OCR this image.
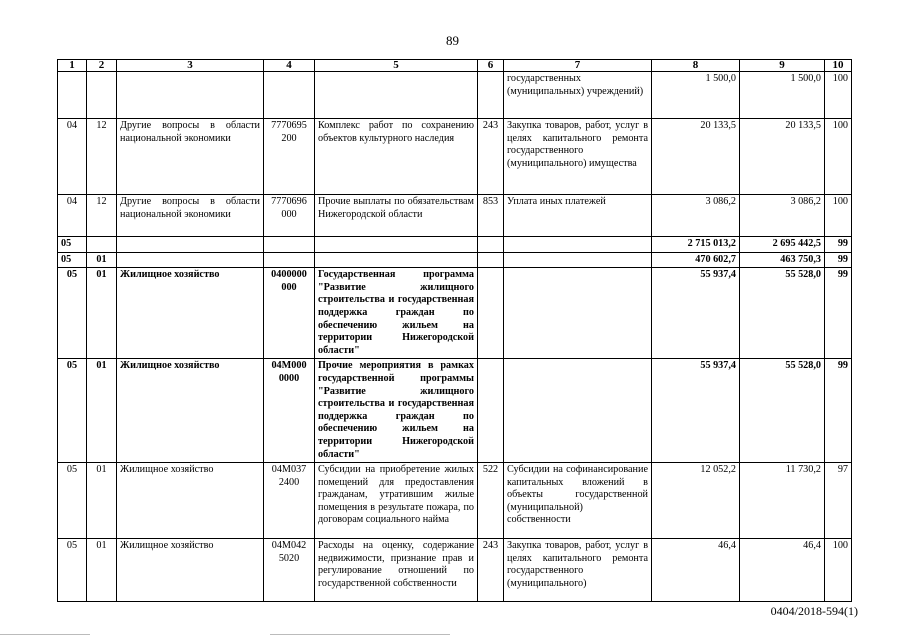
89
1	2	3	4	5	6	7	8	9	10
						государственных (муниципальных) учреждений)	1 500,0	1 500,0	100
04	12	Другие вопросы в области национальной экономики	7770695 200	Комплекс работ по сохранению объектов культурного наследия	243	Закупка товаров, работ, услуг в целях капитального ремонта государственного (муниципального) имущества	20 133,5	20 133,5	100
04	12	Другие вопросы в области национальной экономики	7770696 000	Прочие выплаты по обязательствам Нижегородской области	853	Уплата иных платежей	3 086,2	3 086,2	100
05							2 715 013,2	2 695 442,5	99
05	01						470 602,7	463 750,3	99
05	01	Жилищное хозяйство	0400000 000	Государственная программа "Развитие жилищного строительства и государственная поддержка граждан по обеспечению жильем на территории Нижегородской области"			55 937,4	55 528,0	99
05	01	Жилищное хозяйство	04М000 0000	Прочие мероприятия в рамках государственной программы "Развитие жилищного строительства и государственная поддержка граждан по обеспечению жильем на территории Нижегородской области"			55 937,4	55 528,0	99
05	01	Жилищное хозяйство	04М037 2400	Субсидии на приобретение жилых помещений для предоставления гражданам, утратившим жилые помещения в результате пожара, по договорам социального найма	522	Субсидии на софинансирование капитальных вложений в объекты государственной (муниципальной) собственности	12 052,2	11 730,2	97
05	01	Жилищное хозяйство	04М042 5020	Расходы на оценку, содержание недвижимости, признание прав и регулирование отношений по государственной собственности	243	Закупка товаров, работ, услуг в целях капитального ремонта государственного (муниципального)	46,4	46,4	100
0404/2018-594(1)
